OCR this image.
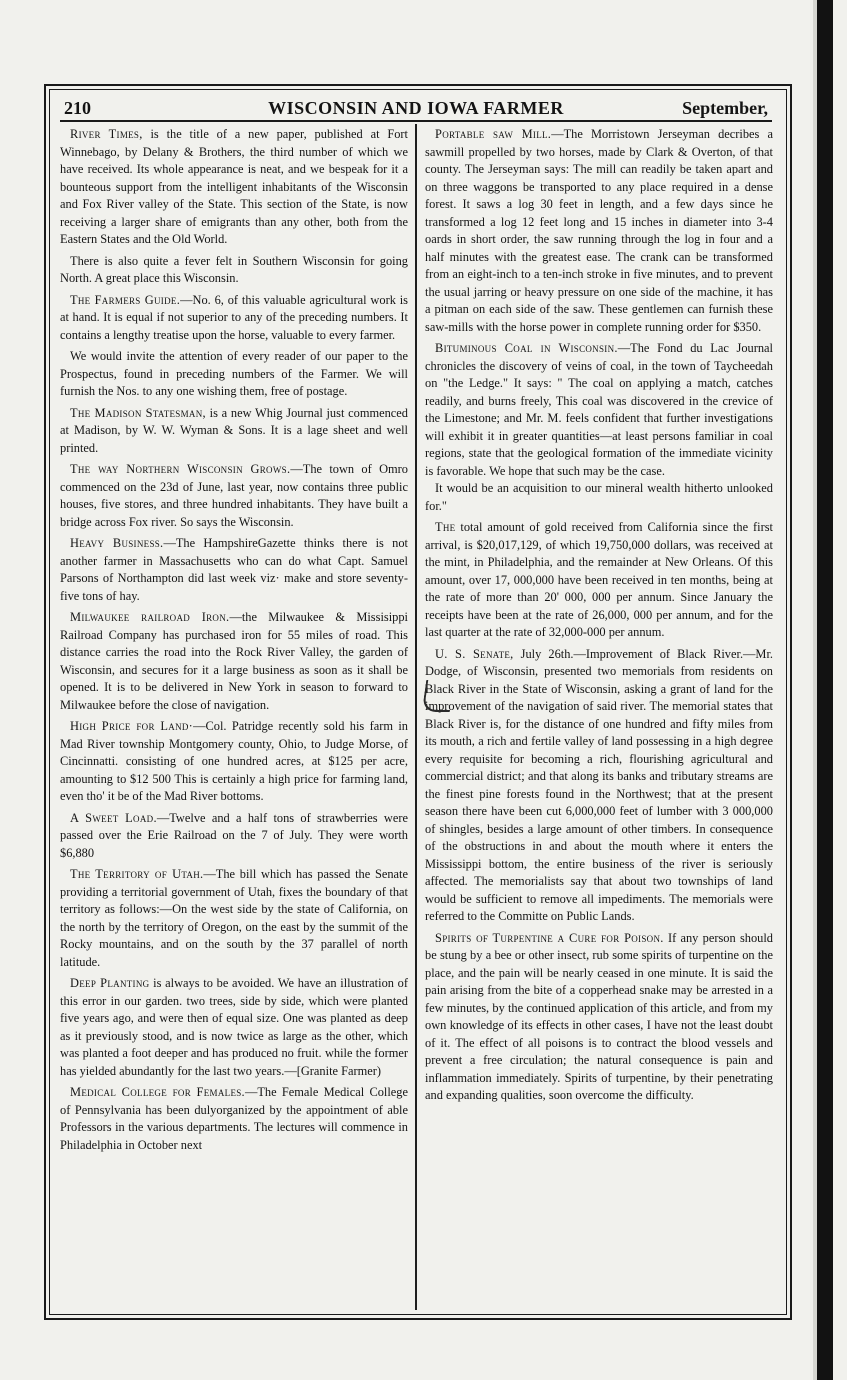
210	WISCONSIN AND IOWA FARMER	September,

River Times, is the title of a new paper, published at Fort Winnebago, by Delany & Brothers, the third number of which we have received. Its whole appearance is neat, and we bespeak for it a bounteous support from the intelligent inhabitants of the Wisconsin and Fox River valley of the State. This section of the State, is now receiving a larger share of emigrants than any other, both from the Eastern States and the Old World.

There is also quite a fever felt in Southern Wisconsin for going North. A great place this Wisconsin.

The Farmers Guide.—No. 6, of this valuable agricultural work is at hand. It is equal if not superior to any of the preceding numbers. It contains a lengthy treatise upon the horse, valuable to every farmer.

We would invite the attention of every reader of our paper to the Prospectus, found in preceding numbers of the Farmer. We will furnish the Nos. to any one wishing them, free of postage.

The Madison Statesman, is a new Whig Journal just commenced at Madison, by W. W. Wyman & Sons. It is a lage sheet and well printed.

The way Northern Wisconsin Grows.—The town of Omro commenced on the 23d of June, last year, now contains three public houses, five stores, and three hundred inhabitants. They have built a bridge across Fox river. So says the Wisconsin.

Heavy Business.—The HampshireGazette thinks there is not another farmer in Massachusetts who can do what Capt. Samuel Parsons of Northampton did last week viz· make and store seventy-five tons of hay.

Milwaukee railroad Iron.—the Milwaukee & Missisippi Railroad Company has purchased iron for 55 miles of road. This distance carries the road into the Rock River Valley, the garden of Wisconsin, and secures for it a large business as soon as it shall be opened. It is to be delivered in New York in season to forward to Milwaukee before the close of navigation.

High Price for Land·—Col. Patridge recently sold his farm in Mad River township Montgomery county, Ohio, to Judge Morse, of Cincinnatti. consisting of one hundred acres, at $125 per acre, amounting to $12 500 This is certainly a high price for farming land, even tho' it be of the Mad River bottoms.

A Sweet Load.—Twelve and a half tons of strawberries were passed over the Erie Railroad on the 7 of July. They were worth $6,880

The Territory of Utah.—The bill which has passed the Senate providing a territorial government of Utah, fixes the boundary of that territory as follows:—On the west side by the state of California, on the north by the territory of Oregon, on the east by the summit of the Rocky mountains, and on the south by the 37 parallel of north latitude.

Deep Planting is always to be avoided. We have an illustration of this error in our garden. two trees, side by side, which were planted five years ago, and were then of equal size. One was planted as deep as it previously stood, and is now twice as large as the other, which was planted a foot deeper and has produced no fruit. while the former has yielded abundantly for the last two years.—[Granite Farmer)

Medical College for Females.—The Female Medical College of Pennsylvania has been dulyorganized by the appointment of able Professors in the various departments. The lectures will commence in Philadelphia in October next

Portable saw Mill.—The Morristown Jerseyman decribes a sawmill propelled by two horses, made by Clark & Overton, of that county. The Jerseyman says: The mill can readily be taken apart and on three waggons be transported to any place required in a dense forest. It saws a log 30 feet in length, and a few days since he transformed a log 12 feet long and 15 inches in diameter into 3-4 oards in short order, the saw running through the log in four and a half minutes with the greatest ease. The crank can be transformed from an eight-inch to a ten-inch stroke in five minutes, and to prevent the usual jarring or heavy pressure on one side of the machine, it has a pitman on each side of the saw. These gentlemen can furnish these saw-mills with the horse power in complete running order for $350.

Bituminous Coal in Wisconsin.—The Fond du Lac Journal chronicles the discovery of veins of coal, in the town of Taycheedah on "the Ledge." It says: " The coal on applying a match, catches readily, and burns freely, This coal was discovered in the crevice of the Limestone; and Mr. M. feels confident that further investigations will exhibit it in greater quantities—at least persons familiar in coal regions, state that the geological formation of the immediate vicinity is favorable. We hope that such may be the case.

It would be an acquisition to our mineral wealth hitherto unlooked for."

The total amount of gold received from California since the first arrival, is $20,017,129, of which 19,750,000 dollars, was received at the mint, in Philadelphia, and the remainder at New Orleans. Of this amount, over 17, 000,000 have been received in ten months, being at the rate of more than 20' 000, 000 per annum. Since January the receipts have been at the rate of 26,000, 000 per annum, and for the last quarter at the rate of 32,000-000 per annum.

U. S. Senate, July 26th.—Improvement of Black River.—Mr. Dodge, of Wisconsin, presented two memorials from residents on Black River in the State of Wisconsin, asking a grant of land for the improvement of the navigation of said river. The memorial states that Black River is, for the distance of one hundred and fifty miles from its mouth, a rich and fertile valley of land possessing in a high degree every requisite for becoming a rich, flourishing agricultural and commercial district; and that along its banks and tributary streams are the finest pine forests found in the Northwest; that at the present season there have been cut 6,000,000 feet of lumber with 3 000,000 of shingles, besides a large amount of other timbers. In consequence of the obstructions in and about the mouth where it enters the Mississippi bottom, the entire business of the river is seriously affected. The memorialists say that about two townships of land would be sufficient to remove all impediments. The memorials were referred to the Committe on Public Lands.

Spirits of Turpentine a Cure for Poison. If any person should be stung by a bee or other insect, rub some spirits of turpentine on the place, and the pain will be nearly ceased in one minute. It is said the pain arising from the bite of a copperhead snake may be arrested in a few minutes, by the continued application of this article, and from my own knowledge of its effects in other cases, I have not the least doubt of it. The effect of all poisons is to contract the blood vessels and prevent a free circulation; the natural consequence is pain and inflammation immediately. Spirits of turpentine, by their penetrating and expanding qualities, soon overcome the difficulty.
